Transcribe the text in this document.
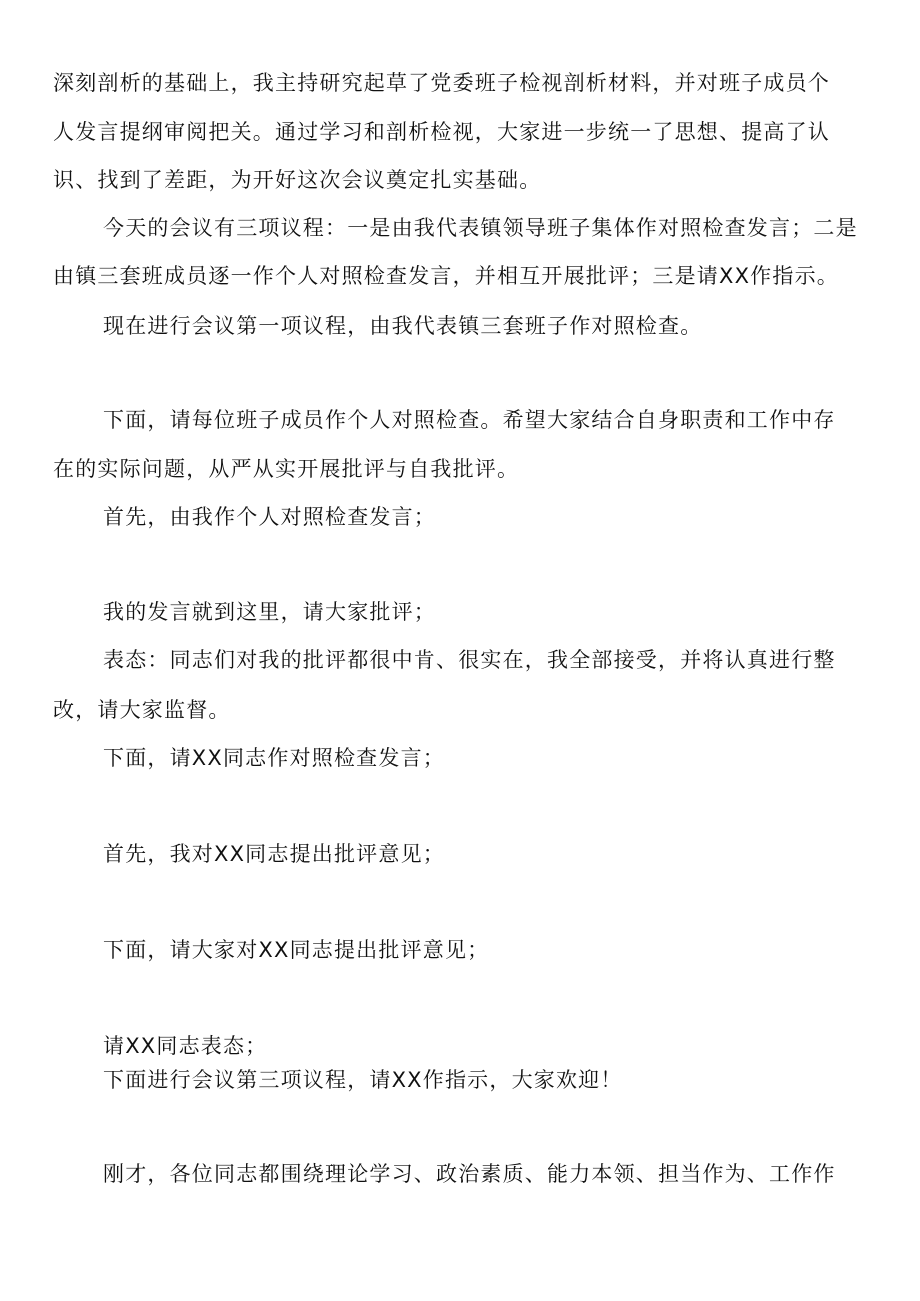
深刻剖析的基础上，我主持研究起草了党委班子检视剖析材料，并对班子成员个
人发言提纲审阅把关。通过学习和剖析检视，大家进一步统一了思想、提高了认
识、找到了差距，为开好这次会议奠定扎实基础。
今天的会议有三项议程：一是由我代表镇领导班子集体作对照检查发言；二是
由镇三套班成员逐一作个人对照检查发言，并相互开展批评；三是请XX作指示。
现在进行会议第一项议程，由我代表镇三套班子作对照检查。
下面，请每位班子成员作个人对照检查。希望大家结合自身职责和工作中存
在的实际问题，从严从实开展批评与自我批评。
首先，由我作个人对照检查发言；
我的发言就到这里，请大家批评；
表态：同志们对我的批评都很中肯、很实在，我全部接受，并将认真进行整
改，请大家监督。
下面，请XX同志作对照检查发言；
首先，我对XX同志提出批评意见；
下面，请大家对XX同志提出批评意见；
请XX同志表态；
下面进行会议第三项议程，请XX作指示，大家欢迎！
刚才，各位同志都围绕理论学习、政治素质、能力本领、担当作为、工作作
